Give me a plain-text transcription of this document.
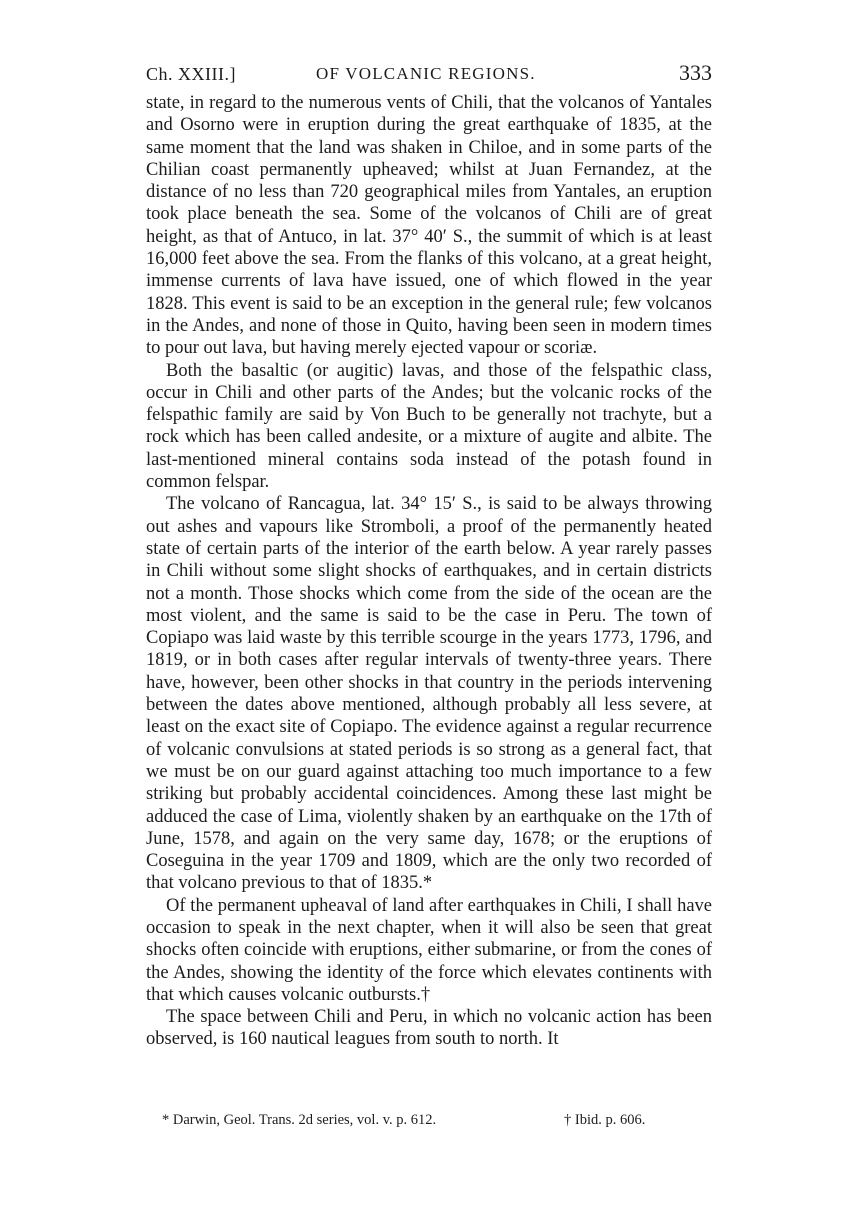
Ch. XXIII.]	OF VOLCANIC REGIONS.	333

state, in regard to the numerous vents of Chili, that the volcanos of Yantales and Osorno were in eruption during the great earthquake of 1835, at the same moment that the land was shaken in Chiloe, and in some parts of the Chilian coast permanently upheaved; whilst at Juan Fernandez, at the distance of no less than 720 geographical miles from Yantales, an eruption took place beneath the sea. Some of the volcanos of Chili are of great height, as that of Antuco, in lat. 37° 40′ S., the summit of which is at least 16,000 feet above the sea. From the flanks of this volcano, at a great height, immense currents of lava have issued, one of which flowed in the year 1828. This event is said to be an exception in the general rule; few volcanos in the Andes, and none of those in Quito, having been seen in modern times to pour out lava, but having merely ejected vapour or scoriæ.

Both the basaltic (or augitic) lavas, and those of the felspathic class, occur in Chili and other parts of the Andes; but the volcanic rocks of the felspathic family are said by Von Buch to be generally not trachyte, but a rock which has been called andesite, or a mixture of augite and albite. The last-mentioned mineral contains soda instead of the potash found in common felspar.

The volcano of Rancagua, lat. 34° 15′ S., is said to be always throwing out ashes and vapours like Stromboli, a proof of the permanently heated state of certain parts of the interior of the earth below. A year rarely passes in Chili without some slight shocks of earthquakes, and in certain districts not a month. Those shocks which come from the side of the ocean are the most violent, and the same is said to be the case in Peru. The town of Copiapo was laid waste by this terrible scourge in the years 1773, 1796, and 1819, or in both cases after regular intervals of twenty-three years. There have, however, been other shocks in that country in the periods intervening between the dates above mentioned, although probably all less severe, at least on the exact site of Copiapo. The evidence against a regular recurrence of volcanic convulsions at stated periods is so strong as a general fact, that we must be on our guard against attaching too much importance to a few striking but probably accidental coincidences. Among these last might be adduced the case of Lima, violently shaken by an earthquake on the 17th of June, 1578, and again on the very same day, 1678; or the eruptions of Coseguina in the year 1709 and 1809, which are the only two recorded of that volcano previous to that of 1835.*

Of the permanent upheaval of land after earthquakes in Chili, I shall have occasion to speak in the next chapter, when it will also be seen that great shocks often coincide with eruptions, either submarine, or from the cones of the Andes, showing the identity of the force which elevates continents with that which causes volcanic outbursts.†

The space between Chili and Peru, in which no volcanic action has been observed, is 160 nautical leagues from south to north. It

* Darwin, Geol. Trans. 2d series, vol. v. p. 612.	† Ibid. p. 606.
